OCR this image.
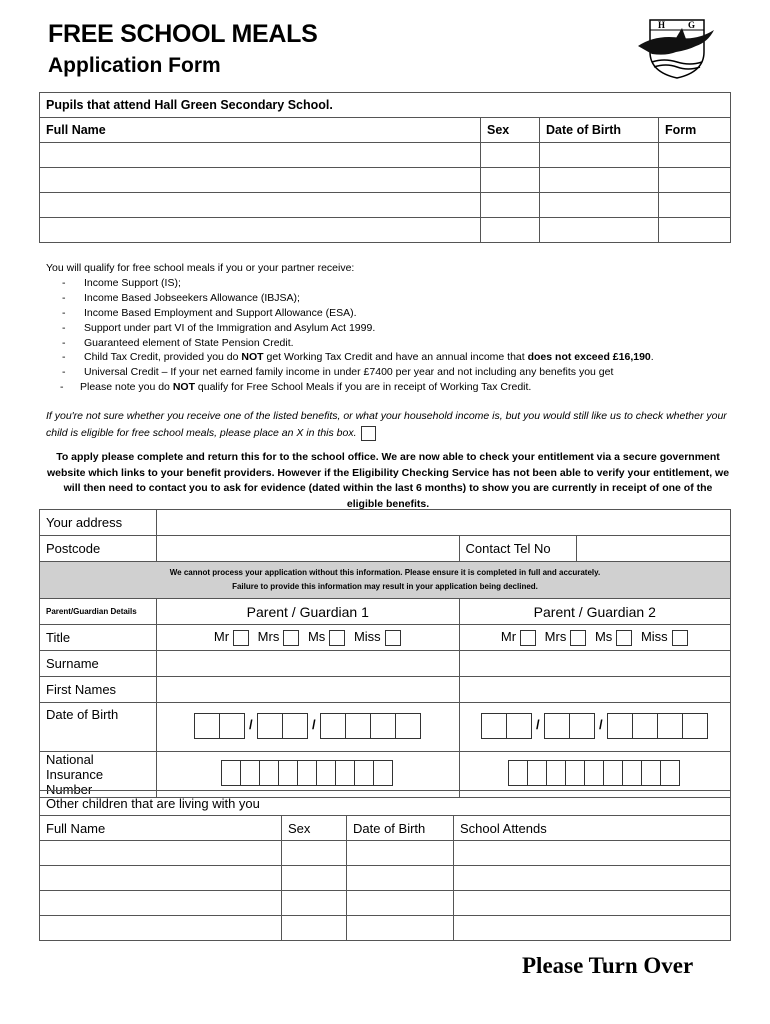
FREE SCHOOL MEALS
Application Form
H	G
Pupils that attend Hall Green Secondary School.			
Full Name	Sex	Date of Birth	Form

You will qualify for free school meals if you or your partner receive:
- Income Support (IS);
- Income Based Jobseekers Allowance (IBJSA);
- Income Based Employment and Support Allowance (ESA).
- Support under part VI of the Immigration and Asylum Act 1999.
- Guaranteed element of State Pension Credit.
- Child Tax Credit, provided you do NOT get Working Tax Credit and have an annual income that does not exceed £16,190.
- Universal Credit – If your net earned family income in under £7400 per year and not including any benefits you get
- Please note you do NOT qualify for Free School Meals if you are in receipt of Working Tax Credit.
If you're not sure whether you receive one of the listed benefits, or what your household income is, but you would still like us to check whether your child is eligible for free school meals, please place an X in this box.
To apply please complete and return this for to the school office. We are now able to check your entitlement via a secure government website which links to your benefit providers. However if the Eligibility Checking Service has not been able to verify your entitlement, we will then need to contact you to ask for evidence (dated within the last 6 months) to show you are currently in receipt of one of the eligible benefits.
Your address			
Postcode		Contact Tel No	

We cannot process your application without this information. Please ensure it is completed in full and accurately.
Failure to provide this information may result in your application being declined.			

Parent/Guardian Details	Parent / Guardian 1	Parent / Guardian 2	
Title	Mr Mrs Ms Miss	Mr Mrs Ms Miss	
Surname			
First Names			
Date of Birth	/ /	/ /	

National Insurance Number		

Other children that are living with you			
Full Name	Sex	Date of Birth	School Attends

Please Turn Over
